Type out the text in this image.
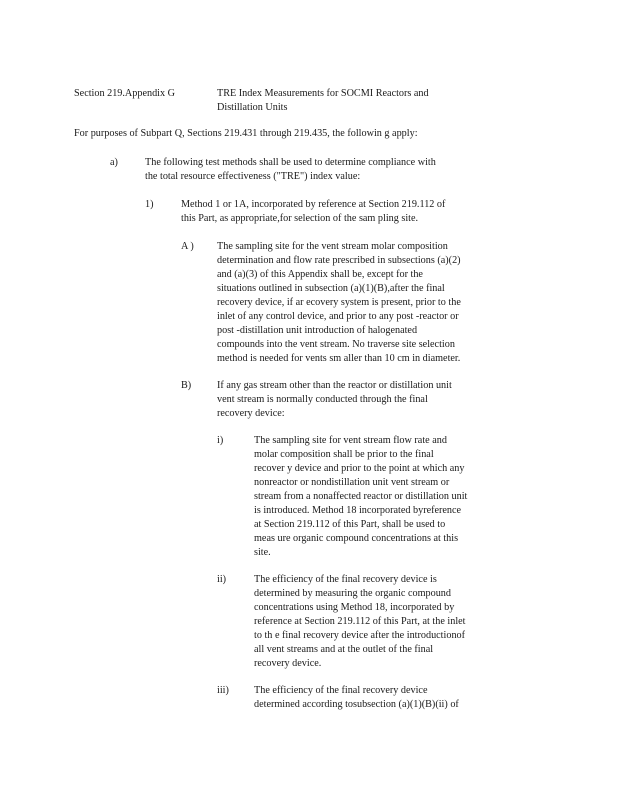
Section 219.Appendix G	TRE Index Measurements for SOCMI Reactors and
Distillation Units
For purposes of Subpart Q, Sections 219.431 through 219.435, the followin g apply:
a)	The following test methods shall be used to determine compliance with
the total resource effectiveness ("TRE") index value:
1)	Method 1 or 1A, incorporated by reference at Section 219.112 of
this Part, as appropriate,for selection of the sam pling site.
A ) The sampling site for the vent stream molar composition
determination and flow rate prescribed in subsections (a)(2)
and (a)(3) of this Appendix shall be, except for the
situations outlined in subsection (a)(1)(B),after the final
recovery device, if ar ecovery system is present, prior to the
inlet of any control device, and prior to any post -reactor or
post -distillation unit introduction of halogenated
compounds into the vent stream. No traverse site selection
method is needed for vents sm aller than 10 cm in diameter.
B)	If any gas stream other than the reactor or distillation unit
vent stream is normally conducted through the final
recovery device:
i)	The sampling site for vent stream flow rate and
molar composition shall be prior to the final
recover y device and prior to the point at which any
nonreactor or nondistillation unit vent stream or
stream from a nonaffected reactor or distillation unit
is introduced. Method 18 incorporated byreference
at Section 219.112 of this Part, shall be used to
meas ure organic compound concentrations at this
site.
ii)	The efficiency of the final recovery device is
determined by measuring the organic compound
concentrations using Method 18, incorporated by
reference at Section 219.112 of this Part, at the inlet
to th e final recovery device after the introductionof
all vent streams and at the outlet of the final
recovery device.
iii) The efficiency of the final recovery device
determined according tosubsection (a)(1)(B)(ii) of
